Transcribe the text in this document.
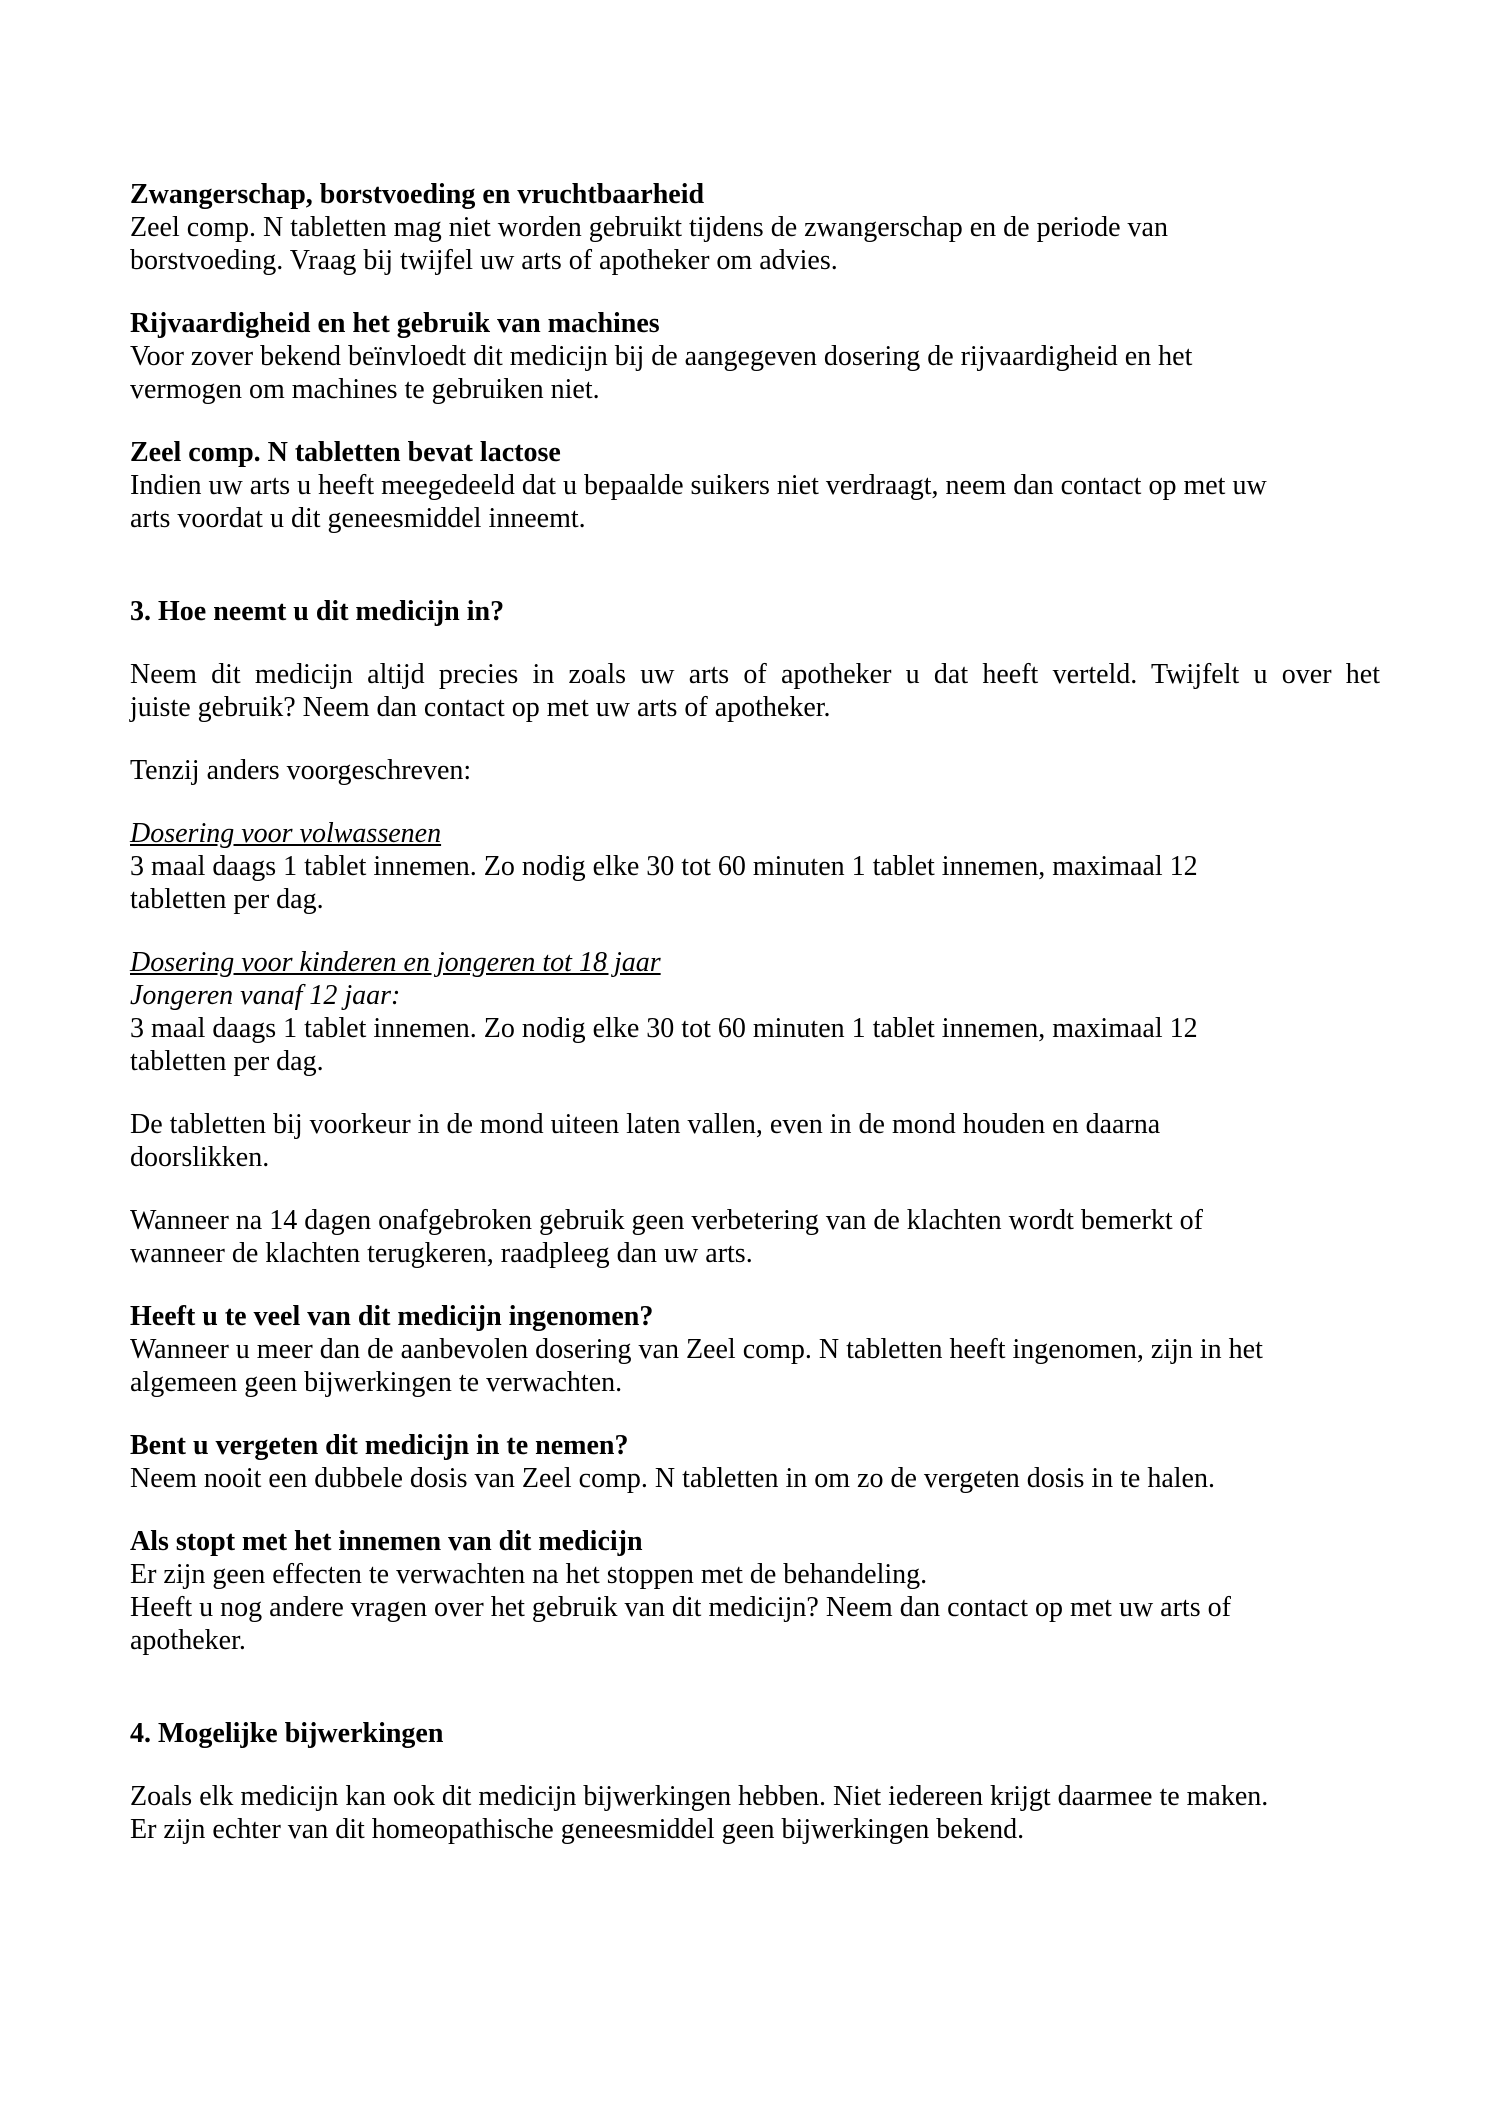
Zwangerschap, borstvoeding en vruchtbaarheid
Zeel comp. N tabletten mag niet worden gebruikt tijdens de zwangerschap en de periode van
borstvoeding. Vraag bij twijfel uw arts of apotheker om advies.
Rijvaardigheid en het gebruik van machines
Voor zover bekend beïnvloedt dit medicijn bij de aangegeven dosering de rijvaardigheid en het
vermogen om machines te gebruiken niet.
Zeel comp. N tabletten bevat lactose
Indien uw arts u heeft meegedeeld dat u bepaalde suikers niet verdraagt, neem dan contact op met uw
arts voordat u dit geneesmiddel inneemt.
3. Hoe neemt u dit medicijn in?
Neem dit medicijn altijd precies in zoals uw arts of apotheker u dat heeft verteld. Twijfelt u over het
juiste gebruik? Neem dan contact op met uw arts of apotheker.
Tenzij anders voorgeschreven:
Dosering voor volwassenen
3 maal daags 1 tablet innemen. Zo nodig elke 30 tot 60 minuten 1 tablet innemen, maximaal 12
tabletten per dag.
Dosering voor kinderen en jongeren tot 18 jaar
Jongeren vanaf 12 jaar:
3 maal daags 1 tablet innemen. Zo nodig elke 30 tot 60 minuten 1 tablet innemen, maximaal 12
tabletten per dag.
De tabletten bij voorkeur in de mond uiteen laten vallen, even in de mond houden en daarna
doorslikken.
Wanneer na 14 dagen onafgebroken gebruik geen verbetering van de klachten wordt bemerkt of
wanneer de klachten terugkeren, raadpleeg dan uw arts.
Heeft u te veel van dit medicijn ingenomen?
Wanneer u meer dan de aanbevolen dosering van Zeel comp. N tabletten heeft ingenomen, zijn in het
algemeen geen bijwerkingen te verwachten.
Bent u vergeten dit medicijn in te nemen?
Neem nooit een dubbele dosis van Zeel comp. N tabletten in om zo de vergeten dosis in te halen.
Als stopt met het innemen van dit medicijn
Er zijn geen effecten te verwachten na het stoppen met de behandeling.
Heeft u nog andere vragen over het gebruik van dit medicijn? Neem dan contact op met uw arts of
apotheker.
4. Mogelijke bijwerkingen
Zoals elk medicijn kan ook dit medicijn bijwerkingen hebben. Niet iedereen krijgt daarmee te maken.
Er zijn echter van dit homeopathische geneesmiddel geen bijwerkingen bekend.
